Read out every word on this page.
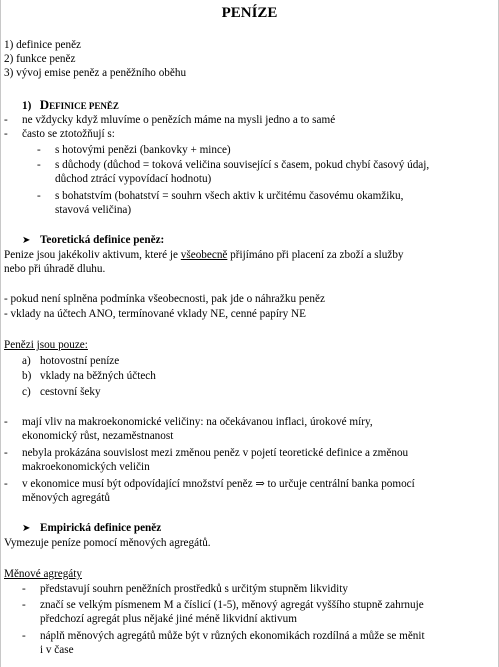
PENÍZE
1) definice peněz
2) funkce peněz
3) vývoj emise peněz a peněžního oběhu
1) DEFINICE PENĚZ
- ne vždycky když mluvíme o penězích máme na mysli jedno a to samé
- často se ztotožňují s:
- s hotovými penězi (bankovky + mince)
- s důchody (důchod = toková veličina související s časem, pokud chybí časový údaj,
důchod ztrácí vypovídací hodnotu)
- s bohatstvím (bohatství = souhrn všech aktiv k určitému časovému okamžiku,
stavová veličina)
➤ Teoretická definice peněz:
Penize jsou jakékoliv aktivum, které je všeobecně přijímáno při placení za zboží a služby
nebo při úhradě dluhu.
- pokud není splněna podmínka všeobecnosti, pak jde o náhražku peněz
- vklady na účtech ANO, termínované vklady NE, cenné papíry NE
Penězi jsou pouze:
a) hotovostní peníze
b) vklady na běžných účtech
c) cestovní šeky
- mají vliv na makroekonomické veličiny: na očekávanou inflaci, úrokové míry,
ekonomický růst, nezaměstnanost
- nebyla prokázána souvislost mezi změnou peněz v pojetí teoretické definice a změnou
makroekonomických veličin
- v ekonomice musí být odpovídající množství peněz ⇒ to určuje centrální banka pomocí
měnových agregátů
➤ Empirická definice peněz
Vymezuje peníze pomocí měnových agregátů.
Měnové agregáty
- představují souhrn peněžních prostředků s určitým stupněm likvidity
- značí se velkým písmenem M a číslicí (1-5), měnový agregát vyššího stupně zahrnuje
předchozí agregát plus nějaké jiné méně likvidní aktivum
- náplň měnových agregátů může být v různých ekonomikách rozdílná a může se měnit
i v čase
